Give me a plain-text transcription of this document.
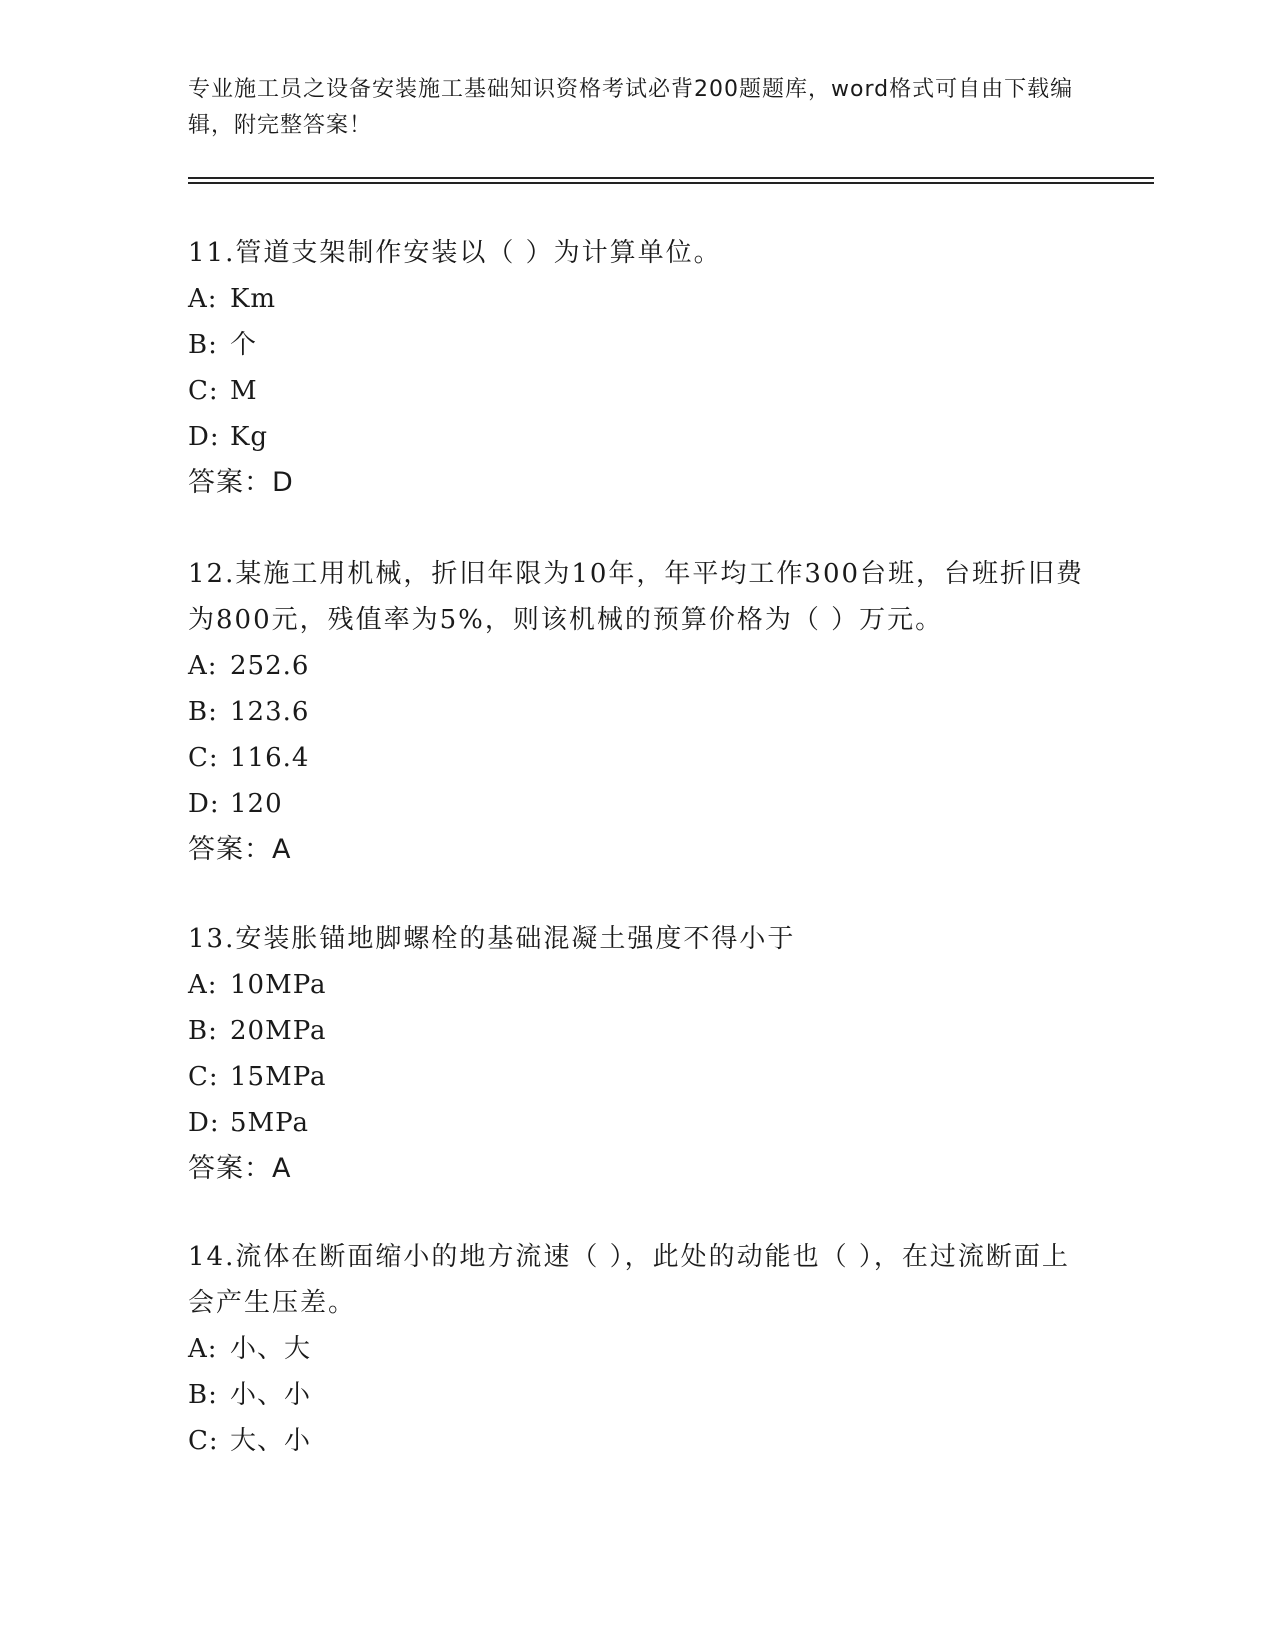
专业施工员之设备安装施工基础知识资格考试必背200题题库，word格式可自由下载编辑，附完整答案！

11.管道支架制作安装以（ ）为计算单位。

A: Km

B: 个

C: M

D: Kg

答案：D

12.某施工用机械，折旧年限为10年，年平均工作300台班，台班折旧费为800元，残值率为5%，则该机械的预算价格为（ ）万元。

A: 252.6

B: 123.6

C: 116.4

D: 120

答案：A

13.安装胀锚地脚螺栓的基础混凝土强度不得小于

A: 10MPa

B: 20MPa

C: 15MPa

D: 5MPa

答案：A

14.流体在断面缩小的地方流速（ ），此处的动能也（ ），在过流断面上会产生压差。

A: 小、大

B: 小、小

C: 大、小
